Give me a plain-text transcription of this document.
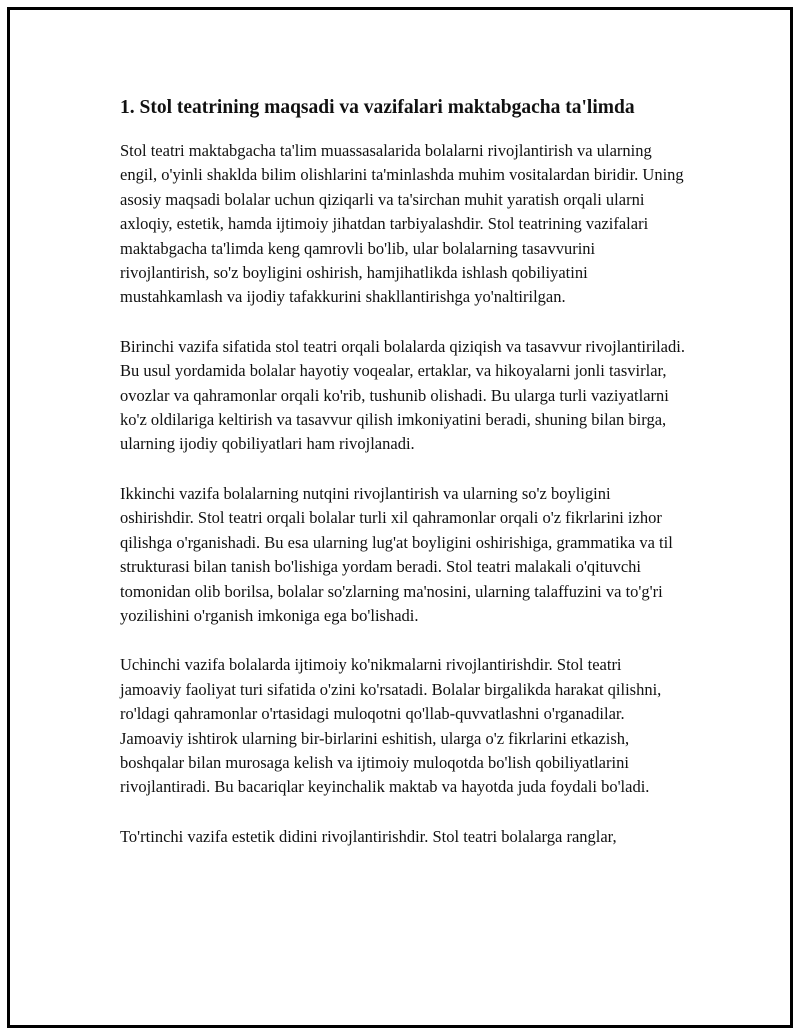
1. Stol teatrining maqsadi va vazifalari maktabgacha ta'limda

Stol teatri maktabgacha ta'lim muassasalarida bolalarni rivojlantirish va ularning engil, o'yinli shaklda bilim olishlarini ta'minlashda muhim vositalardan biridir. Uning asosiy maqsadi bolalar uchun qiziqarli va ta'sirchan muhit yaratish orqali ularni axloqiy, estetik, hamda ijtimoiy jihatdan tarbiyalashdir. Stol teatrining vazifalari maktabgacha ta'limda keng qamrovli bo'lib, ular bolalarning tasavvurini rivojlantirish, so'z boyligini oshirish, hamjihatlikda ishlash qobiliyatini mustahkamlash va ijodiy tafakkurini shakllantirishga yo'naltirilgan.

Birinchi vazifa sifatida stol teatri orqali bolalarda qiziqish va tasavvur rivojlantiriladi. Bu usul yordamida bolalar hayotiy voqealar, ertaklar, va hikoyalarni jonli tasvirlar, ovozlar va qahramonlar orqali ko'rib, tushunib olishadi. Bu ularga turli vaziyatlarni ko'z oldilariga keltirish va tasavvur qilish imkoniyatini beradi, shuning bilan birga, ularning ijodiy qobiliyatlari ham rivojlanadi.

Ikkinchi vazifa bolalarning nutqini rivojlantirish va ularning so'z boyligini oshirishdir. Stol teatri orqali bolalar turli xil qahramonlar orqali o'z fikrlarini izhor qilishga o'rganishadi. Bu esa ularning lug'at boyligini oshirishiga, grammatika va til strukturasi bilan tanish bo'lishiga yordam beradi. Stol teatri malakali o'qituvchi tomonidan olib borilsa, bolalar so'zlarning ma'nosini, ularning talaffuzini va to'g'ri yozilishini o'rganish imkoniga ega bo'lishadi.

Uchinchi vazifa bolalarda ijtimoiy ko'nikmalarni rivojlantirishdir. Stol teatri jamoaviy faoliyat turi sifatida o'zini ko'rsatadi. Bolalar birgalikda harakat qilishni, ro'ldagi qahramonlar o'rtasidagi muloqotni qo'llab-quvvatlashni o'rganadilar. Jamoaviy ishtirok ularning bir-birlarini eshitish, ularga o'z fikrlarini etkazish, boshqalar bilan murosaga kelish va ijtimoiy muloqotda bo'lish qobiliyatlarini rivojlantiradi. Bu bacariqlar keyinchalik maktab va hayotda juda foydali bo'ladi.

To'rtinchi vazifa estetik didini rivojlantirishdir. Stol teatri bolalarga ranglar,
